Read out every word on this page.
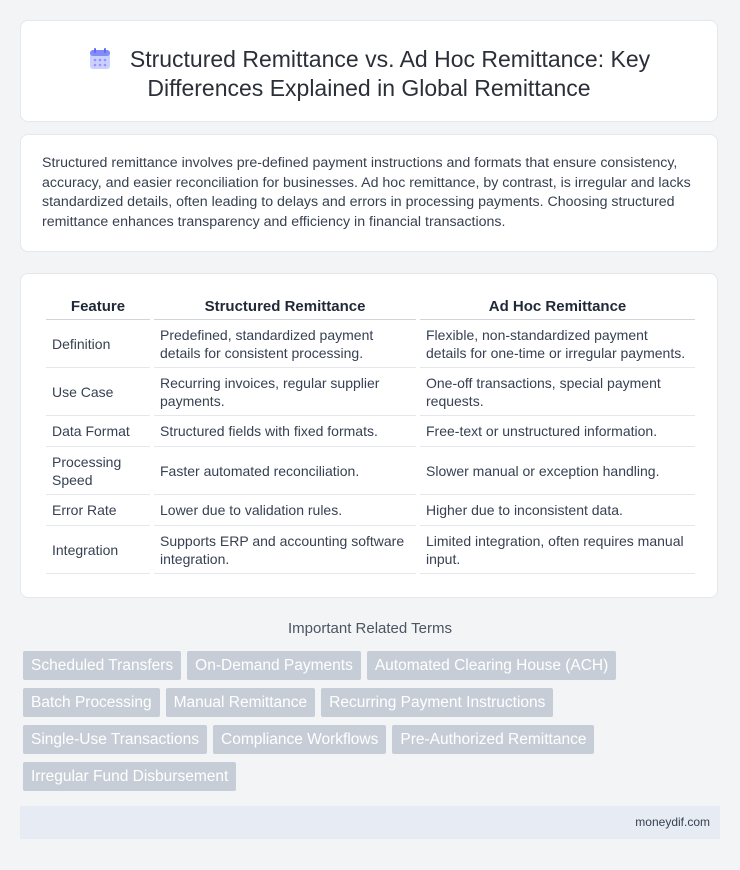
Structured Remittance vs. Ad Hoc Remittance: Key
Differences Explained in Global Remittance
Structured remittance involves pre-defined payment instructions and formats that ensure consistency, accuracy, and easier reconciliation for businesses. Ad hoc remittance, by contrast, is irregular and lacks standardized details, often leading to delays and errors in processing payments. Choosing structured remittance enhances transparency and efficiency in financial transactions.
Feature	Structured Remittance	Ad Hoc Remittance
Definition	Predefined, standardized payment details for consistent processing.	Flexible, non-standardized payment details for one-time or irregular payments.
Use Case	Recurring invoices, regular supplier payments.	One-off transactions, special payment requests.
Data Format	Structured fields with fixed formats.	Free-text or unstructured information.
Processing Speed	Faster automated reconciliation.	Slower manual or exception handling.
Error Rate	Lower due to validation rules.	Higher due to inconsistent data.
Integration	Supports ERP and accounting software integration.	Limited integration, often requires manual input.
Important Related Terms
Scheduled Transfers	On-Demand Payments	Automated Clearing House (ACH)
Batch Processing	Manual Remittance	Recurring Payment Instructions
Single-Use Transactions	Compliance Workflows	Pre-Authorized Remittance
Irregular Fund Disbursement
moneydif.com
